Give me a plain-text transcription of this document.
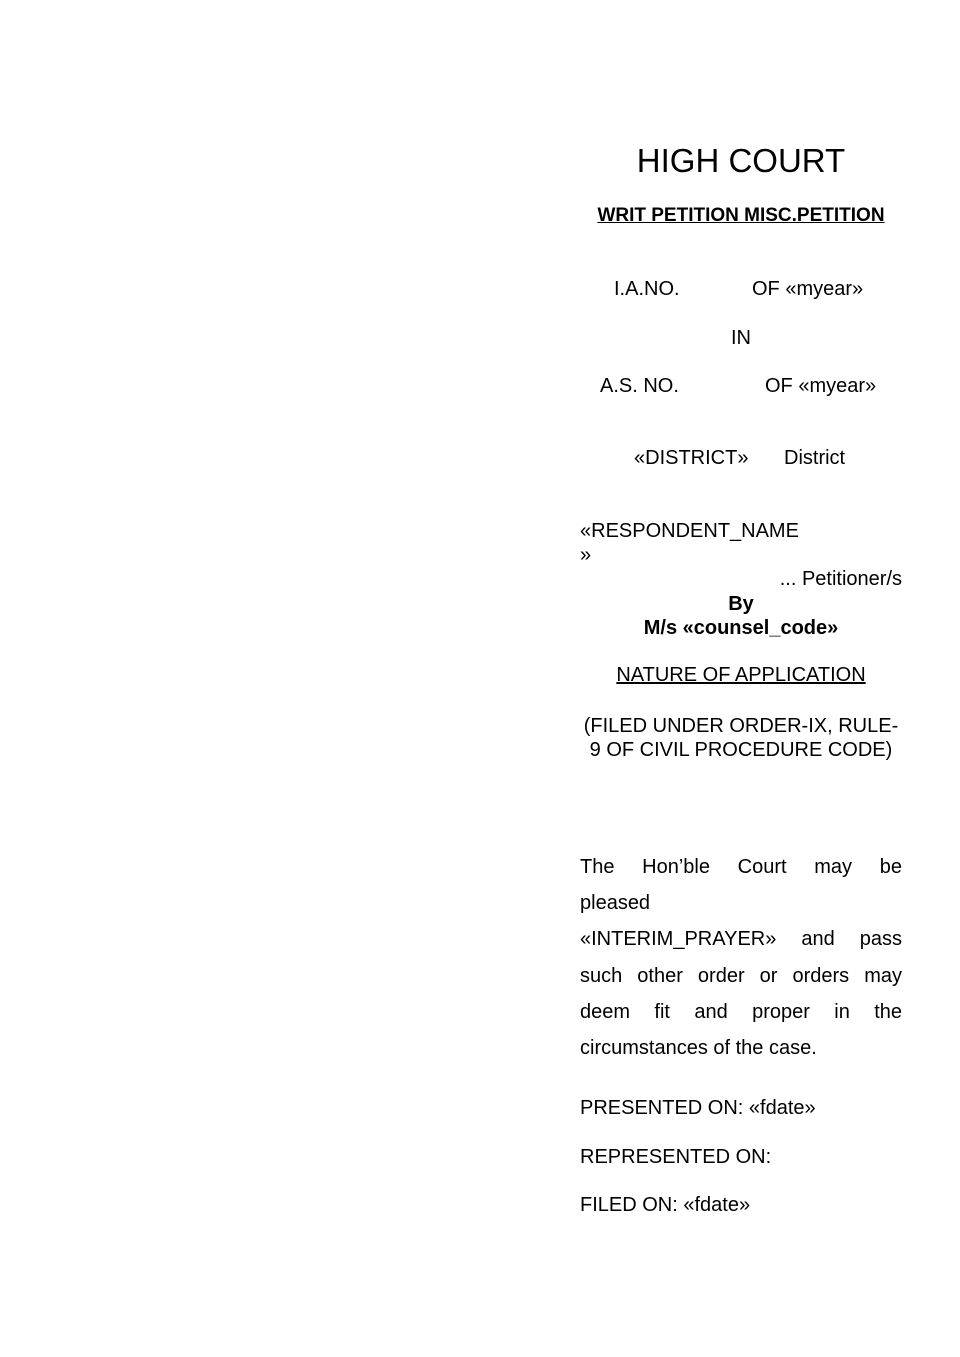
HIGH COURT
WRIT PETITION MISC.PETITION
I.A.NO.	OF «myear»
IN
A.S. NO.	OF «myear»
«DISTRICT» District
«RESPONDENT_NAME
»
... Petitioner/s
By
M/s «counsel_code»
NATURE OF APPLICATION
(FILED UNDER ORDER-IX, RULE-9 OF CIVIL PROCEDURE CODE)
The Hon’ble Court may be
pleased
«INTERIM_PRAYER» and pass
such other order or orders may
deem fit and proper in the
circumstances of the case.
PRESENTED ON: «fdate»
REPRESENTED ON:
FILED ON: «fdate»
